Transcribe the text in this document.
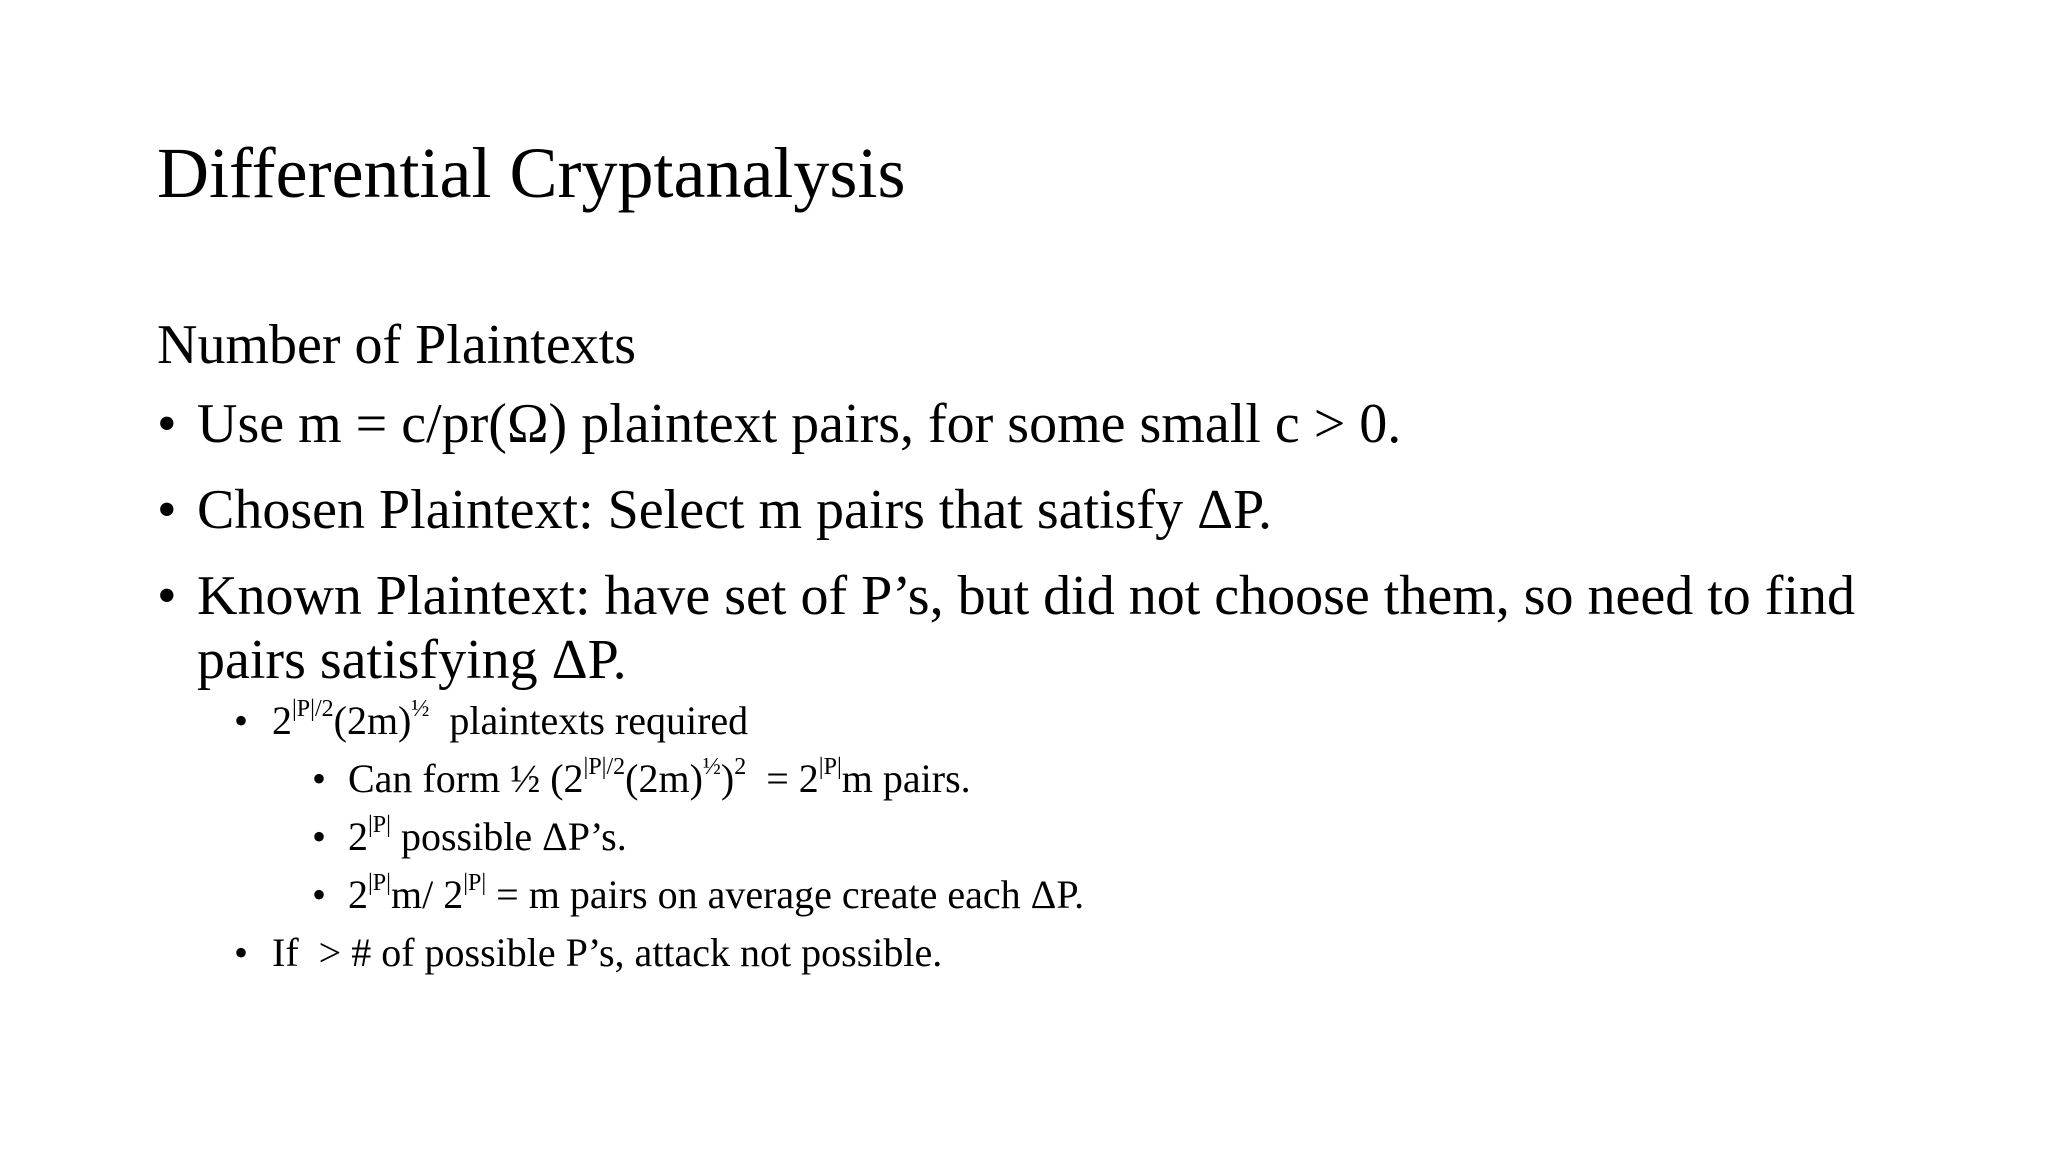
Differential Cryptanalysis
Number of Plaintexts
• Use m = c/pr(Ω) plaintext pairs, for some small c > 0.
• Chosen Plaintext: Select m pairs that satisfy ΔP.
• Known Plaintext: have set of P’s, but did not choose them, so need to find pairs satisfying ΔP.
• $2^{|P|/2}(2m)^{\frac{1}{2}}$  plaintexts required
• Can form ½ $(2^{|P|/2}(2m)^{\frac{1}{2}})^2 = 2^{|P|}m$ pairs.
• $2^{|P|}$ possible ΔP’s.
• $2^{|P|}m/$ $2^{|P|} = m$ pairs on average create each ΔP.
• If  > # of possible P’s, attack not possible.
